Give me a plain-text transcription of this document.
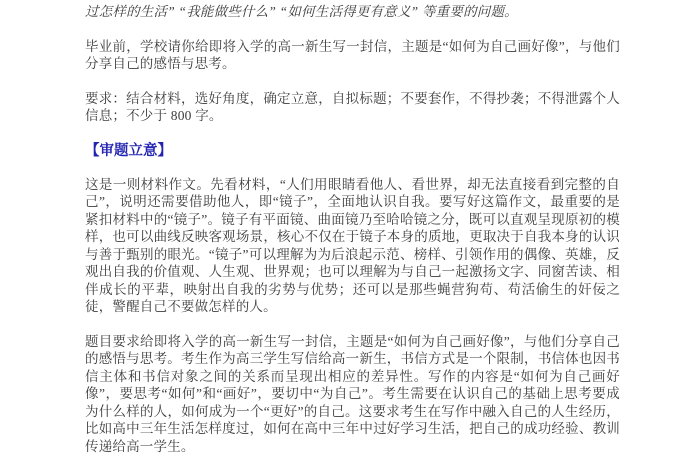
过怎样的生活” “我能做些什么” “如何生活得更有意义” 等重要的问题。

毕业前，学校请你给即将入学的高一新生写一封信，主题是“如何为自己画好像”，与他们分享自己的感悟与思考。

要求：结合材料，选好角度，确定立意，自拟标题；不要套作，不得抄袭；不得泄露个人信息；不少于 800 字。

【审题立意】

这是一则材料作文。先看材料，“人们用眼睛看他人、看世界，却无法直接看到完整的自己”，说明还需要借助他人，即“镜子”，全面地认识自我。要写好这篇作文，最重要的是紧扣材料中的“镜子”。镜子有平面镜、曲面镜乃至哈哈镜之分，既可以直观呈现原初的模样，也可以曲线反映客观场景，核心不仅在于镜子本身的质地，更取决于自我本身的认识与善于甄别的眼光。“镜子”可以理解为为后浪起示范、榜样、引领作用的偶像、英雄，反观出自我的价值观、人生观、世界观；也可以理解为与自己一起激扬文字、同窗苦读、相伴成长的平辈，映射出自我的劣势与优势；还可以是那些蝇营狗苟、苟活偷生的奸佞之徒，警醒自己不要做怎样的人。

题目要求给即将入学的高一新生写一封信，主题是“如何为自己画好像”，与他们分享自己的感悟与思考。考生作为高三学生写信给高一新生，书信方式是一个限制，书信体也因书信主体和书信对象之间的关系而呈现出相应的差异性。写作的内容是“如何为自己画好像”，要思考“如何”和“画好”，要切中“为自己”。考生需要在认识自己的基础上思考要成为什么样的人，如何成为一个“更好”的自己。这要求考生在写作中融入自己的人生经历，比如高中三年生活怎样度过，如何在高中三年中过好学习生活，把自己的成功经验、教训传递给高一学生。
